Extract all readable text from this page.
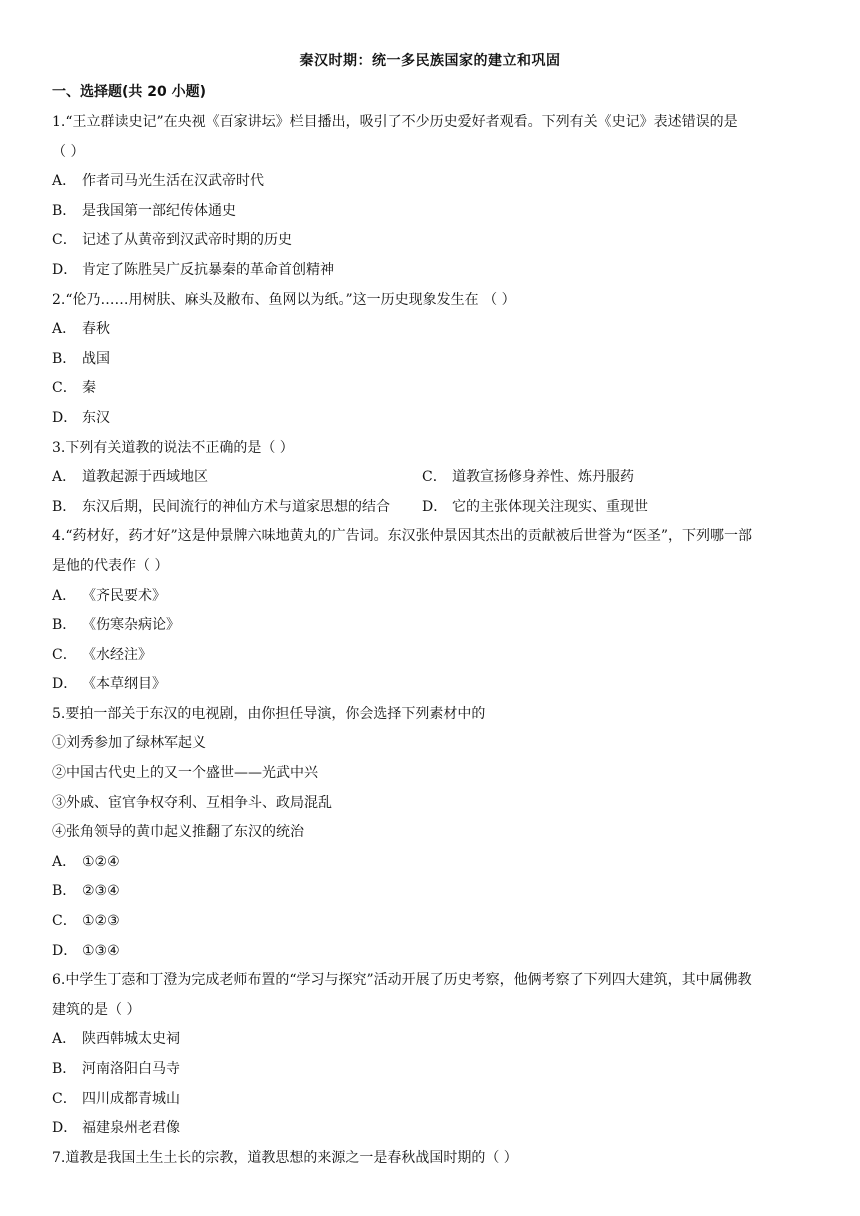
秦汉时期：统一多民族国家的建立和巩固
一、选择题(共 20 小题)
1.“王立群读史记”在央视《百家讲坛》栏目播出，吸引了不少历史爱好者观看。下列有关《史记》表述错误的是
（ ）
A． 作者司马光生活在汉武帝时代
B． 是我国第一部纪传体通史
C． 记述了从黄帝到汉武帝时期的历史
D． 肯定了陈胜吴广反抗暴秦的革命首创精神
2.“伦乃……用树肤、麻头及敝布、鱼网以为纸。”这一历史现象发生在 （ ）
A． 春秋
B． 战国
C． 秦
D． 东汉
3.下列有关道教的说法不正确的是（ ）
A． 道教起源于西域地区	C． 道教宣扬修身养性、炼丹服药
B． 东汉后期，民间流行的神仙方术与道家思想的结合	D． 它的主张体现关注现实、重现世
4.“药材好，药才好”这是仲景牌六味地黄丸的广告词。东汉张仲景因其杰出的贡献被后世誉为“医圣”，下列哪一部
是他的代表作（ ）
A． 《齐民要术》
B． 《伤寒杂病论》
C． 《水经注》
D． 《本草纲目》
5.要拍一部关于东汉的电视剧，由你担任导演，你会选择下列素材中的
①刘秀参加了绿林军起义
②中国古代史上的又一个盛世——光武中兴
③外戚、宦官争权夺利、互相争斗、政局混乱
④张角领导的黄巾起义推翻了东汉的统治
A． ①②④
B． ②③④
C． ①②③
D． ①③④
6.中学生丁悫和丁澄为完成老师布置的“学习与探究”活动开展了历史考察，他俩考察了下列四大建筑，其中属佛教
建筑的是（ ）
A． 陕西韩城太史祠
B． 河南洛阳白马寺
C． 四川成都青城山
D． 福建泉州老君像
7.道教是我国土生土长的宗教，道教思想的来源之一是春秋战国时期的（ ）
